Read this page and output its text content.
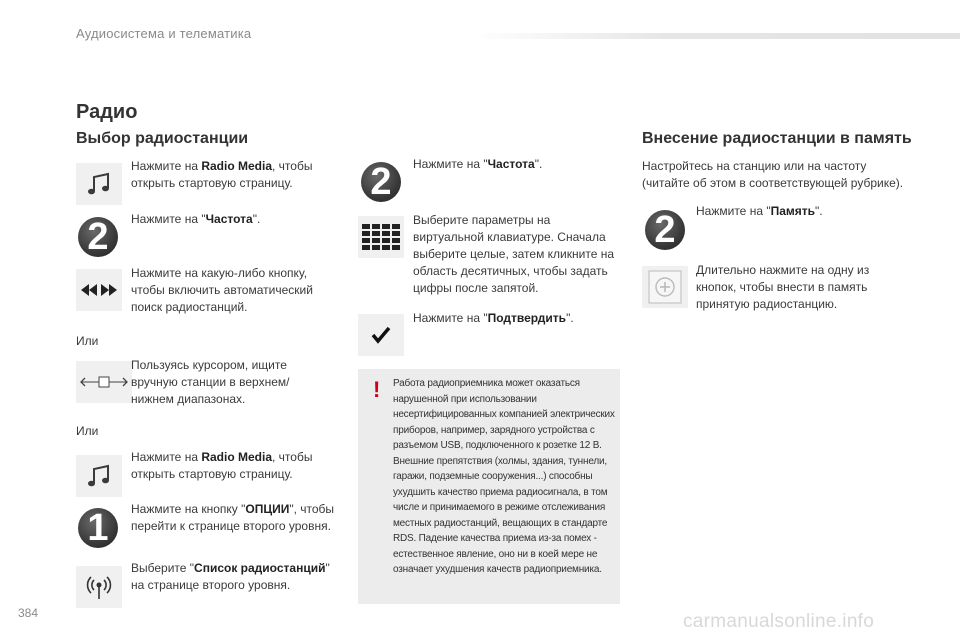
Аудиосистема и телематика
Радио
Выбор радиостанции
Нажмите на Radio Media, чтобы открыть стартовую страницу.
2 Нажмите на "Частота".
Нажмите на какую-либо кнопку, чтобы включить автоматический поиск радиостанций.
Или
Пользуясь курсором, ищите вручную станции в верхнем/нижнем диапазонах.
Или
Нажмите на Radio Media, чтобы открыть стартовую страницу.
1 Нажмите на кнопку "ОПЦИИ", чтобы перейти к странице второго уровня.
Выберите "Список радиостанций" на странице второго уровня.
2 Нажмите на "Частота".
Выберите параметры на виртуальной клавиатуре. Сначала выберите целые, затем кликните на область десятичных, чтобы задать цифры после запятой.
Нажмите на "Подтвердить".
! Работа радиоприемника может оказаться нарушенной при использовании несертифицированных компанией электрических приборов, например, зарядного устройства с разъемом USB, подключенного к розетке 12 В. Внешние препятствия (холмы, здания, туннели, гаражи, подземные сооружения...) способны ухудшить качество приема радиосигнала, в том числе и принимаемого в режиме отслеживания местных радиостанций, вещающих в стандарте RDS. Падение качества приема из-за помех - естественное явление, оно ни в коей мере не означает ухудшения качеств радиоприемника.
Внесение радиостанции в память
Настройтесь на станцию или на частоту (читайте об этом в соответствующей рубрике).
2 Нажмите на "Память".
Длительно нажмите на одну из кнопок, чтобы внести в память принятую радиостанцию.
384	carmanualsonline.info
